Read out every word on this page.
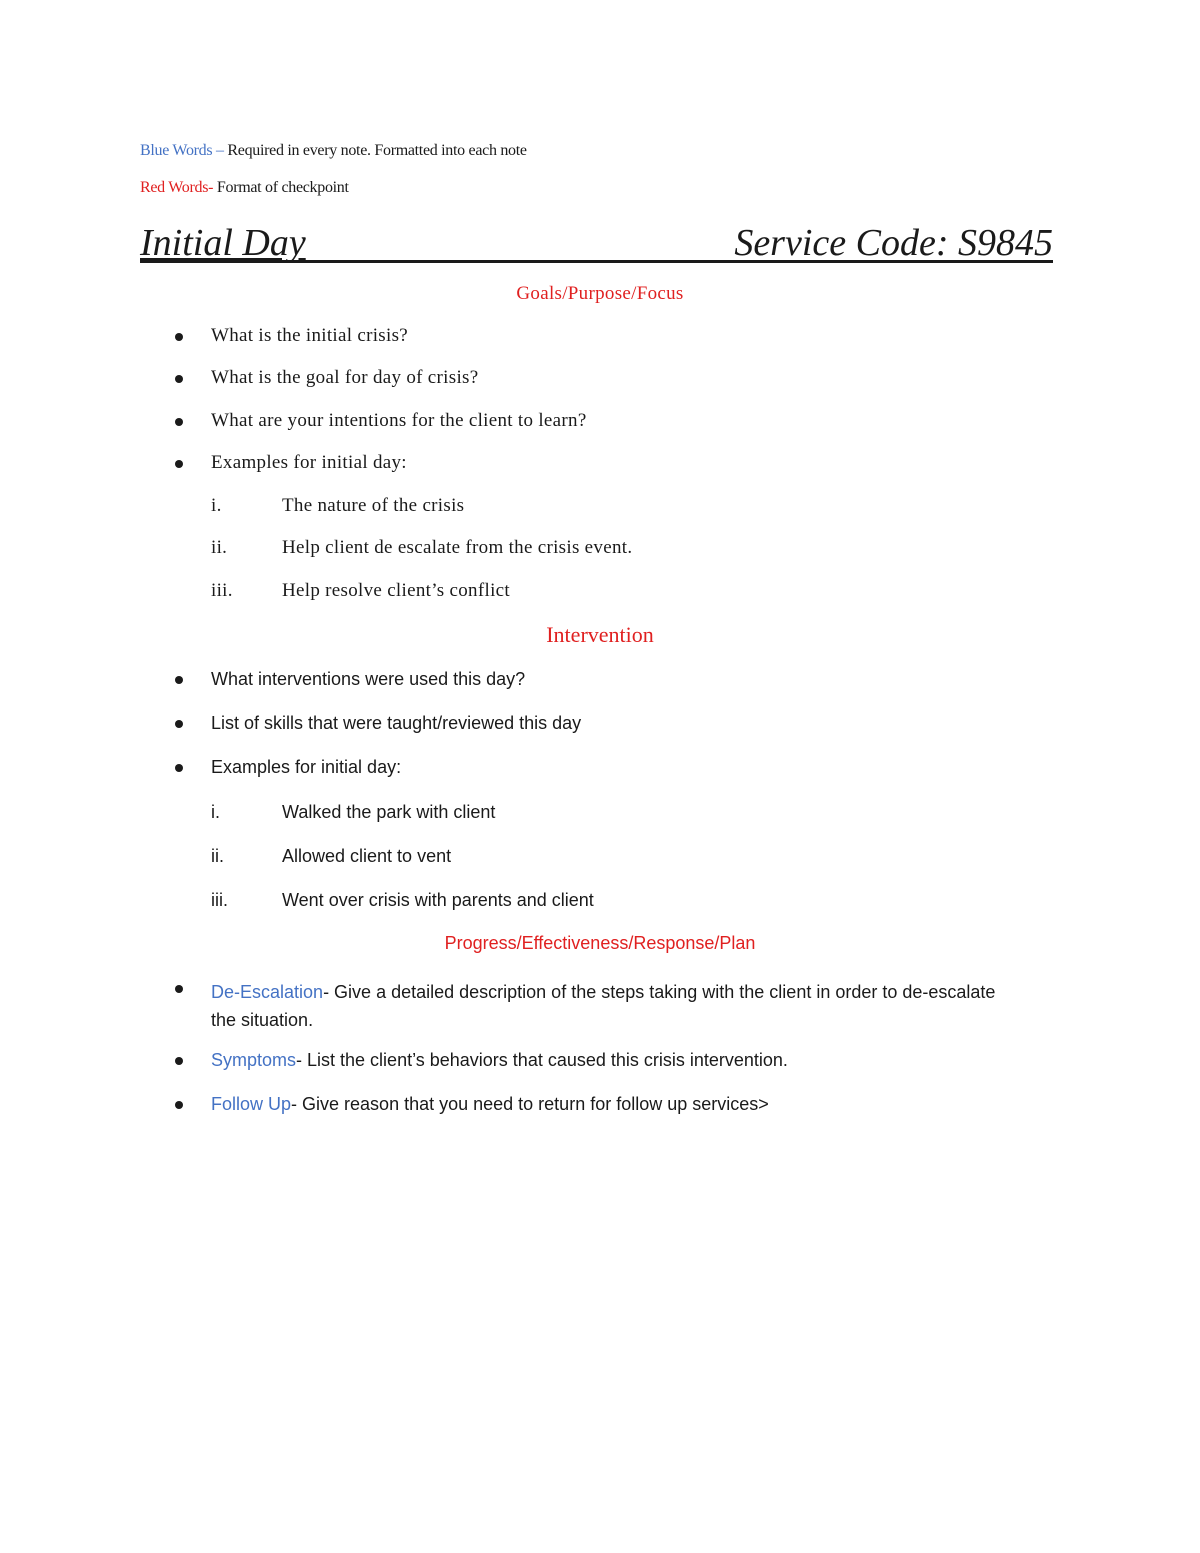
Blue Words – Required in every note. Formatted into each note
Red Words- Format of checkpoint
Initial Day	Service Code: S9845
Goals/Purpose/Focus
What is the initial crisis?
What is the goal for day of crisis?
What are your intentions for the client to learn?
Examples for initial day:
i.	The nature of the crisis
ii.	Help client de escalate from the crisis event.
iii.	Help resolve client’s conflict
Intervention
What interventions were used this day?
List of skills that were taught/reviewed this day
Examples for initial day:
i.	Walked the park with client
ii.	Allowed client to vent
iii.	Went over crisis with parents and client
Progress/Effectiveness/Response/Plan
De-Escalation- Give a detailed description of the steps taking with the client in order to de-escalate the situation.
Symptoms- List the client’s behaviors that caused this crisis intervention.
Follow Up- Give reason that you need to return for follow up services>
